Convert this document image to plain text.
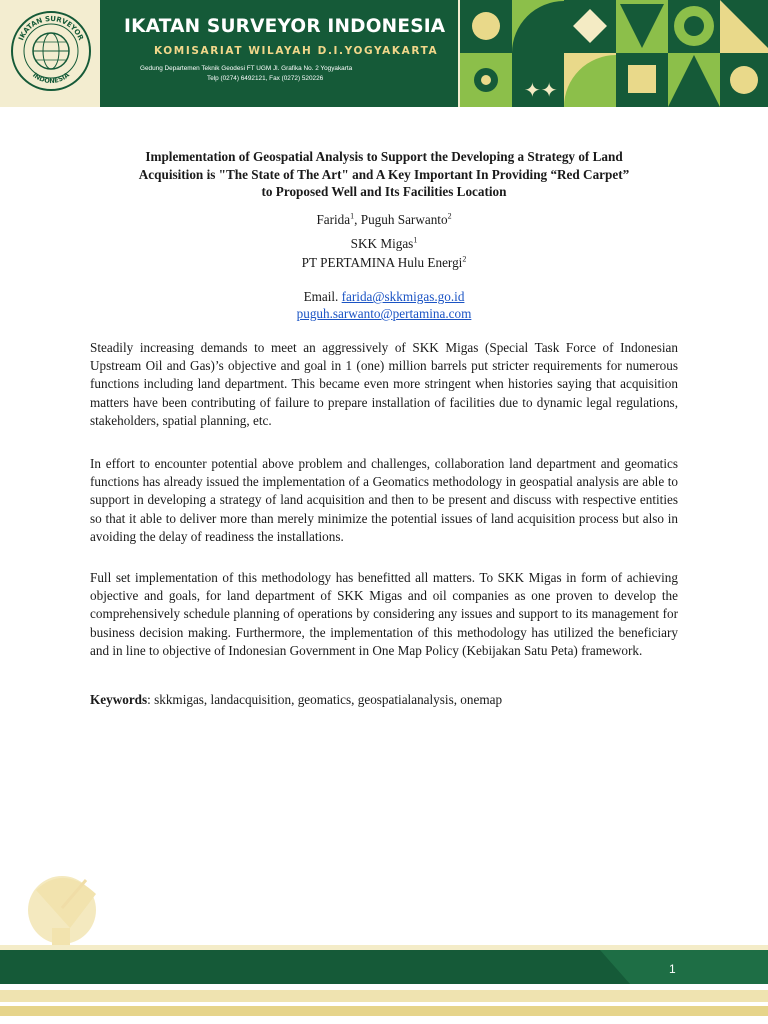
IKATAN SURVEYOR
INDONESIA
IKATAN SURVEYOR INDONESIA
KOMISARIAT WILAYAH D.I.YOGYAKARTA
Gedung Departemen Teknik Geodesi FT UGM Jl. Grafika No. 2 Yogyakarta
Telp (0274) 6492121, Fax (0272) 520226	✦✦
Implementation of Geospatial Analysis to Support the Developing a Strategy of Land
Acquisition is "The State of The Art" and A Key Important In Providing “Red Carpet”
to Proposed Well and Its Facilities Location
Farida$^1$, Puguh Sarwanto$^2$
SKK Migas$^1$
PT PERTAMINA Hulu Energi$^2$
Email. farida@skkmigas.go.id
puguh.sarwanto@pertamina.com

Steadily increasing demands to meet an aggressively of SKK Migas (Special Task Force of Indonesian Upstream Oil and Gas)’s objective and goal in 1 (one) million barrels put stricter requirements for numerous functions including land department. This became even more stringent when histories saying that acquisition matters have been contributing of failure to prepare installation of facilities due to dynamic legal regulations, stakeholders, spatial planning, etc.

In effort to encounter potential above problem and challenges, collaboration land department and geomatics functions has already issued the implementation of a Geomatics methodology in geospatial analysis are able to support in developing a strategy of land acquisition and then to be present and discuss with respective entities so that it able to deliver more than merely minimize the potential issues of land acquisition process but also in avoiding the delay of readiness the installations.

Full set implementation of this methodology has benefitted all matters. To SKK Migas in form of achieving objective and goals, for land department of SKK Migas and oil companies as one proven to develop the comprehensively schedule planning of operations by considering any issues and support to its management for business decision making. Furthermore, the implementation of this methodology has utilized the beneficiary and in line to objective of Indonesian Government in One Map Policy (Kebijakan Satu Peta) framework.

Keywords: skkmigas, landacquisition, geomatics, geospatialanalysis, onemap
1
